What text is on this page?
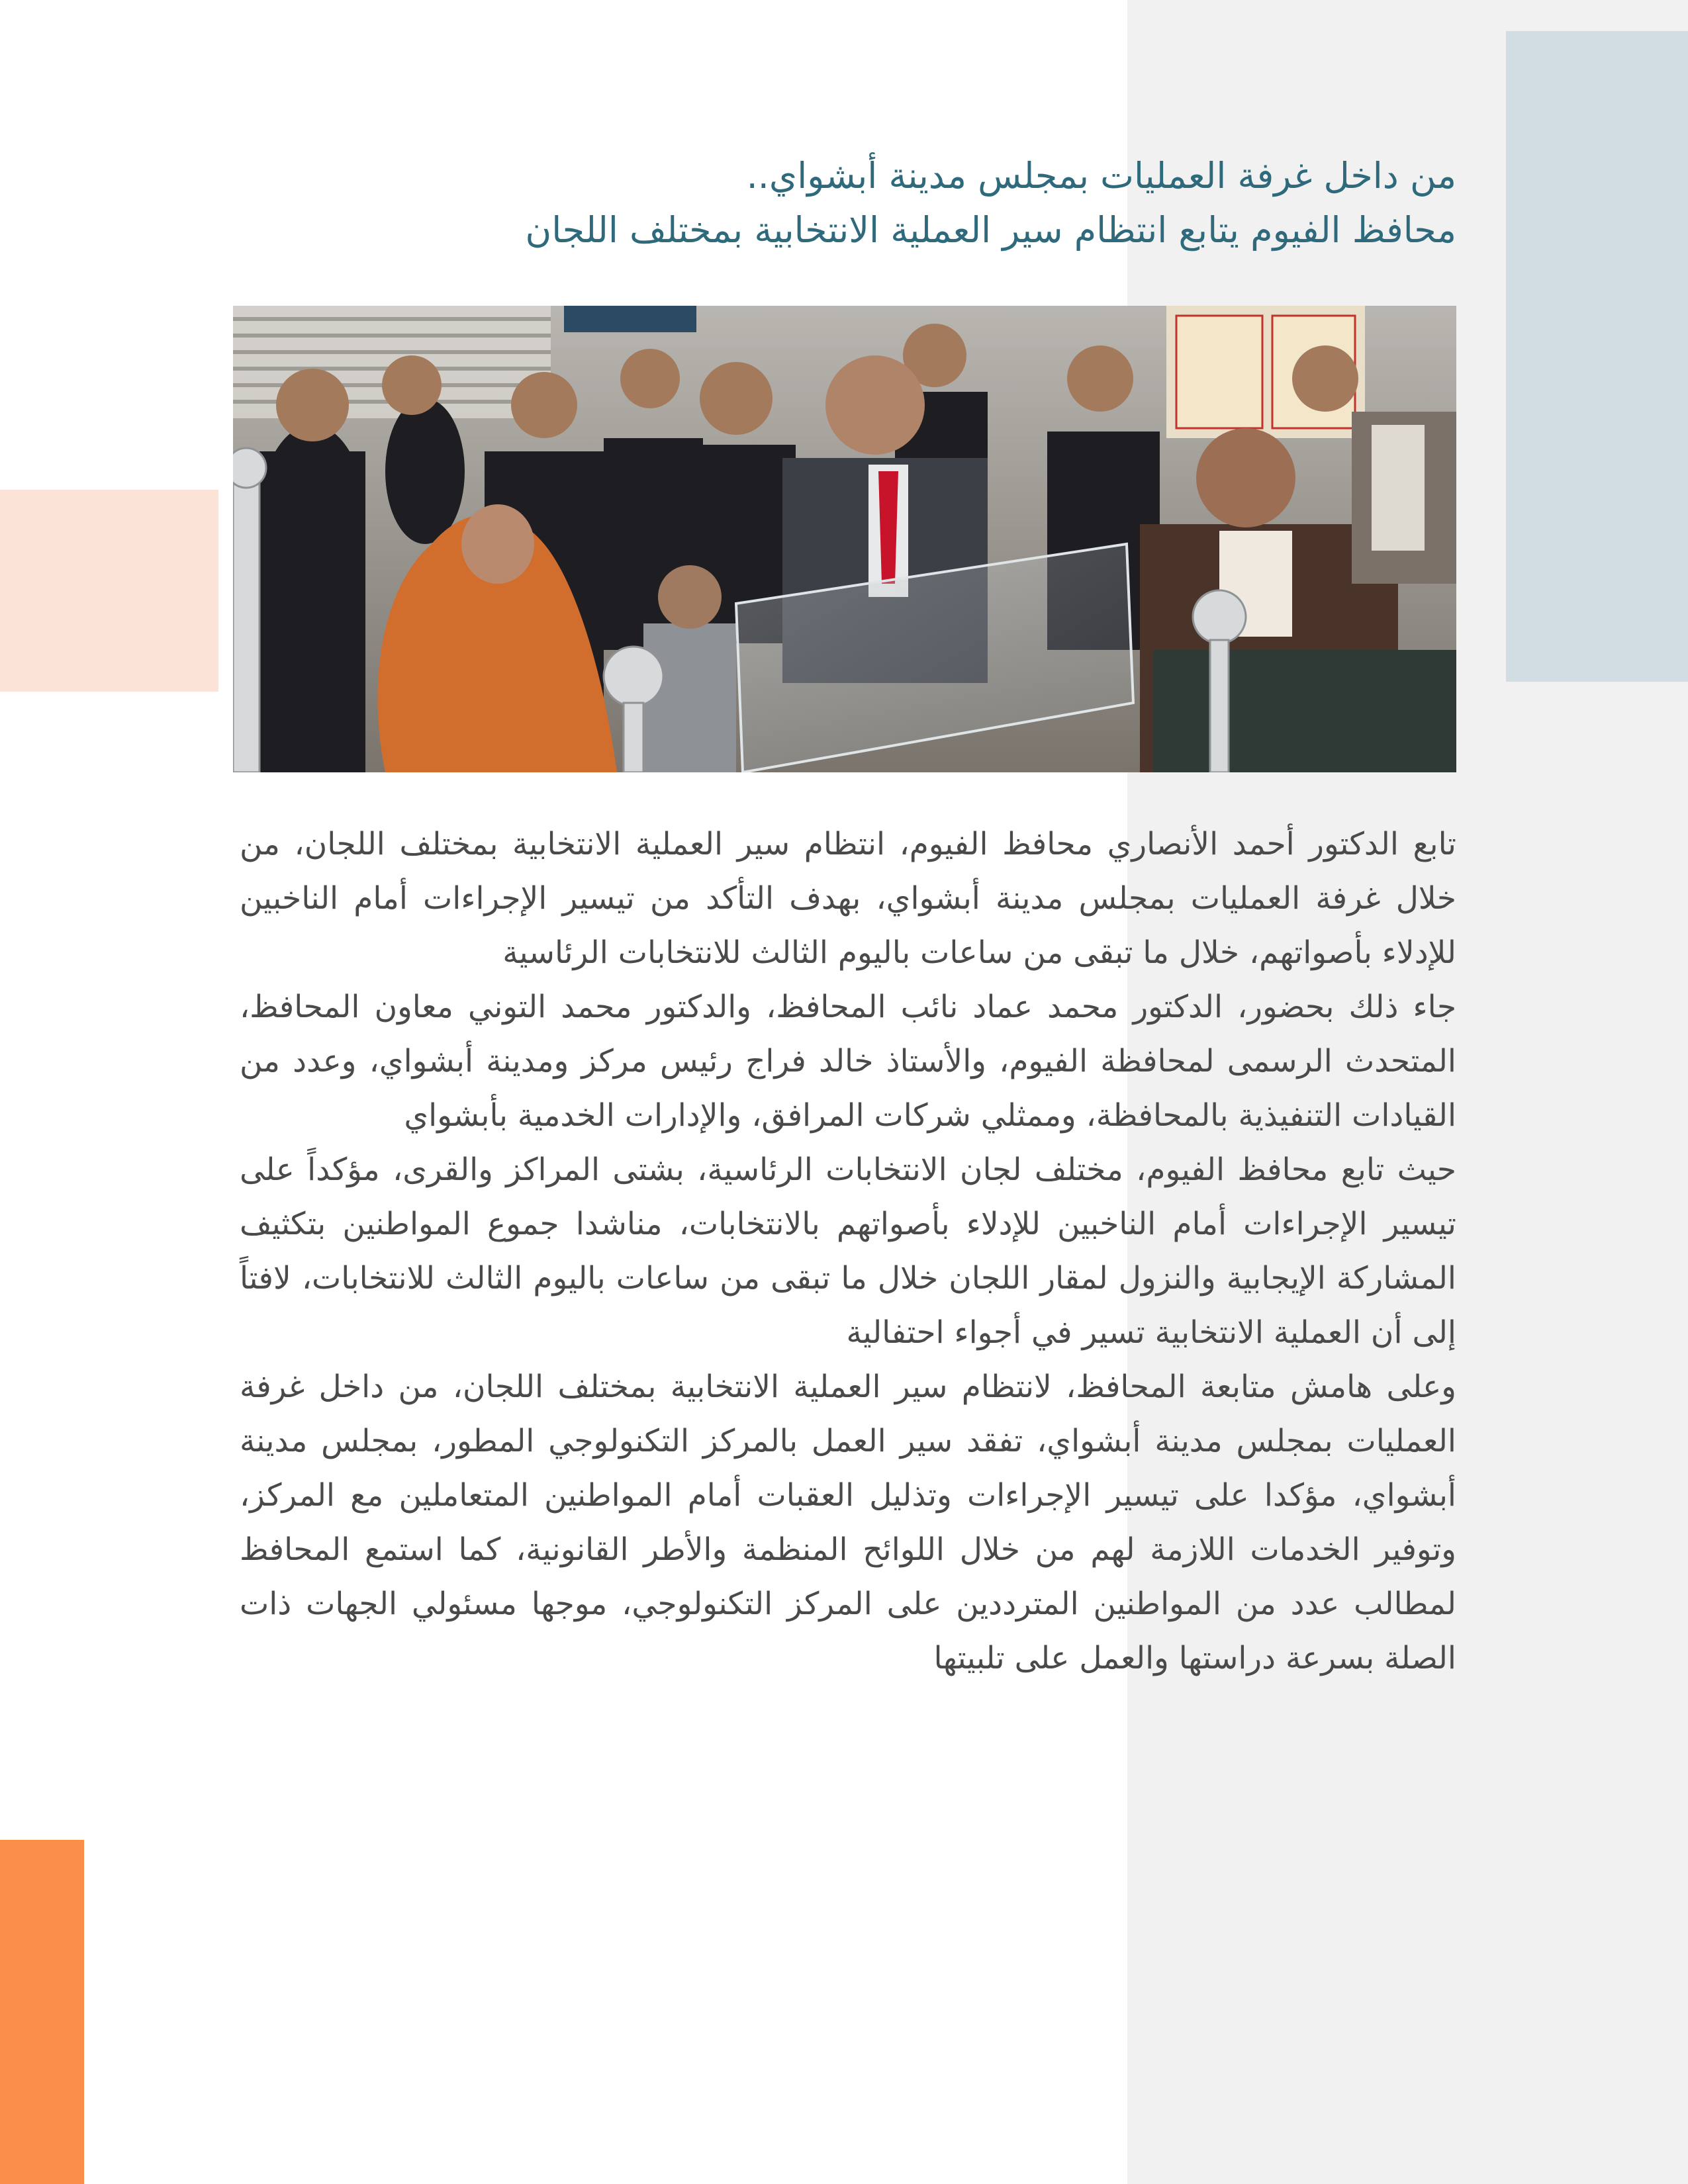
من داخل غرفة العمليات بمجلس مدينة أبشواي..
محافظ الفيوم يتابع انتظام سير العملية الانتخابية بمختلف اللجان

تابع الدكتور أحمد الأنصاري محافظ الفيوم، انتظام سير العملية الانتخابية بمختلف اللجان، من خلال غرفة العمليات بمجلس مدينة أبشواي، بهدف التأكد من تيسير الإجراءات أمام الناخبين للإدلاء بأصواتهم، خلال ما تبقى من ساعات باليوم الثالث للانتخابات الرئاسية

جاء ذلك بحضور، الدكتور محمد عماد نائب المحافظ، والدكتور محمد التوني معاون المحافظ، المتحدث الرسمى لمحافظة الفيوم، والأستاذ خالد فراج رئيس مركز ومدينة أبشواي، وعدد من القيادات التنفيذية بالمحافظة، وممثلي شركات المرافق، والإدارات الخدمية بأبشواي

حيث تابع محافظ الفيوم، مختلف لجان الانتخابات الرئاسية، بشتى المراكز والقرى، مؤكداً على تيسير الإجراءات أمام الناخبين للإدلاء بأصواتهم بالانتخابات، مناشدا جموع المواطنين بتكثيف المشاركة الإيجابية والنزول لمقار اللجان خلال ما تبقى من ساعات باليوم الثالث للانتخابات، لافتاً إلى أن العملية الانتخابية تسير في أجواء احتفالية

وعلى هامش متابعة المحافظ، لانتظام سير العملية الانتخابية بمختلف اللجان، من داخل غرفة العمليات بمجلس مدينة أبشواي، تفقد سير العمل بالمركز التكنولوجي المطور، بمجلس مدينة أبشواي، مؤكدا على تيسير الإجراءات وتذليل العقبات أمام المواطنين المتعاملين مع المركز، وتوفير الخدمات اللازمة لهم من خلال اللوائح المنظمة والأطر القانونية، كما استمع المحافظ لمطالب عدد من المواطنين المترددين على المركز التكنولوجي، موجها مسئولي الجهات ذات الصلة بسرعة دراستها والعمل على تلبيتها
